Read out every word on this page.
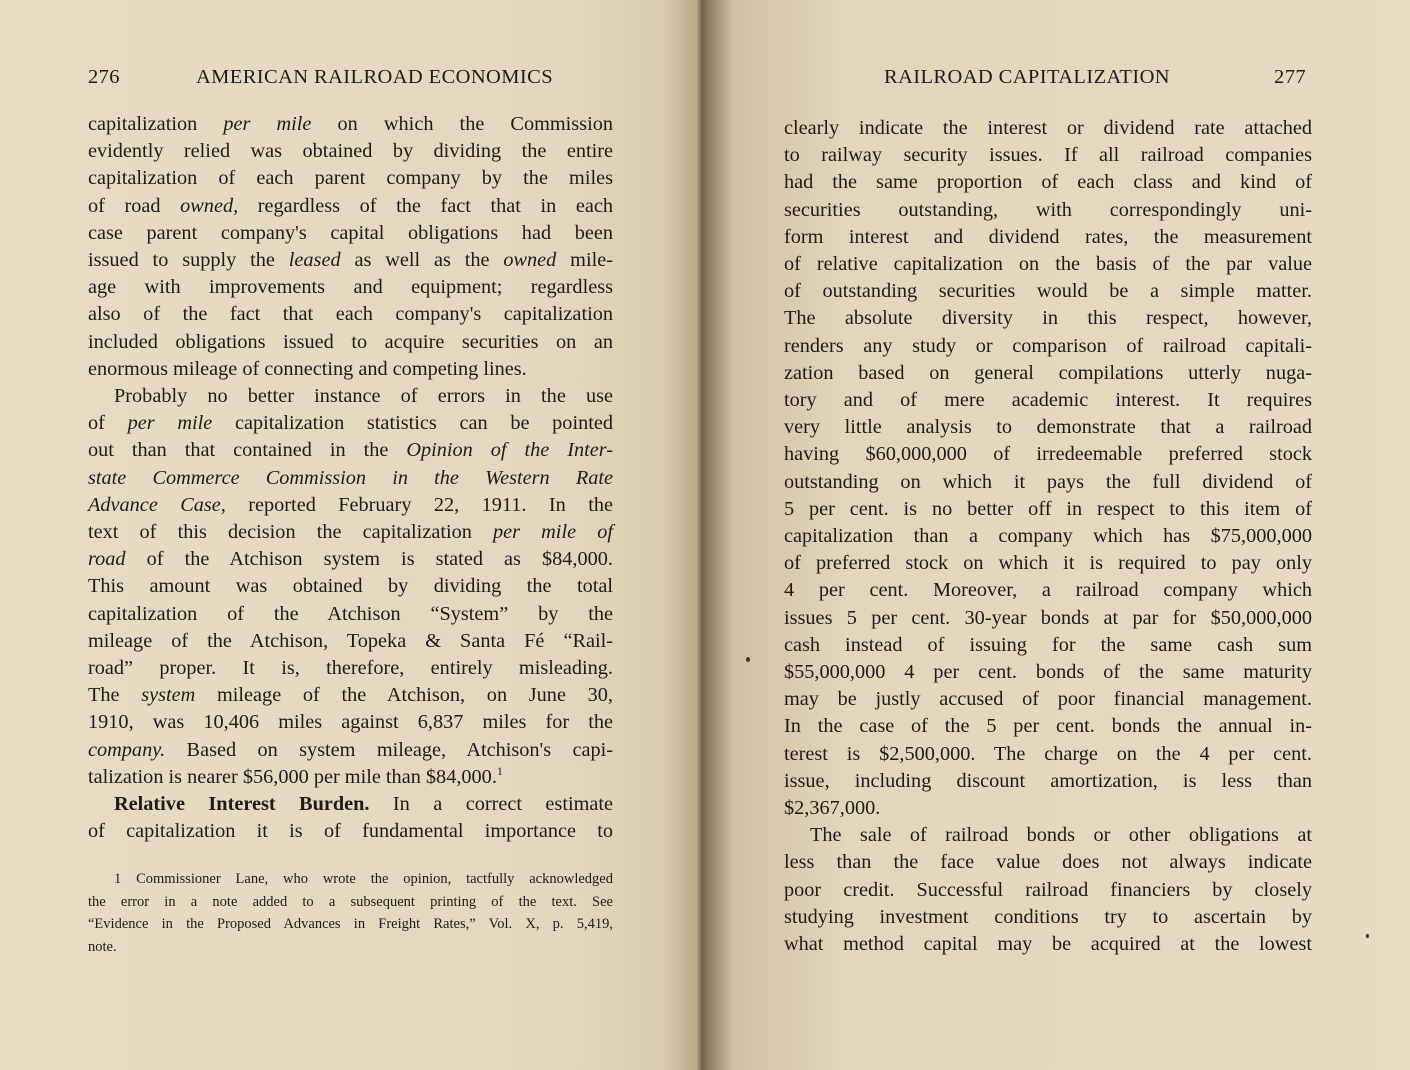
276	AMERICAN RAILROAD ECONOMICS

capitalization per mile on which the Commission
evidently relied was obtained by dividing the entire
capitalization of each parent company by the miles
of road owned, regardless of the fact that in each
case parent company's capital obligations had been
issued to supply the leased as well as the owned mile-
age with improvements and equipment; regardless
also of the fact that each company's capitalization
included obligations issued to acquire securities on an
enormous mileage of connecting and competing lines.

Probably no better instance of errors in the use
of per mile capitalization statistics can be pointed
out than that contained in the Opinion of the Inter-
state Commerce Commission in the Western Rate
Advance Case, reported February 22, 1911. In the
text of this decision the capitalization per mile of
road of the Atchison system is stated as $84,000.
This amount was obtained by dividing the total
capitalization of the Atchison “System” by the
mileage of the Atchison, Topeka & Santa Fé “Rail-
road” proper. It is, therefore, entirely misleading.
The system mileage of the Atchison, on June 30,
1910, was 10,406 miles against 6,837 miles for the
company. Based on system mileage, Atchison's capi-
talization is nearer $56,000 per mile than $84,000.$^1$

Relative Interest Burden. In a correct estimate
of capitalization it is of fundamental importance to

1 Commissioner Lane, who wrote the opinion, tactfully acknowledged
the error in a note added to a subsequent printing of the text. See
“Evidence in the Proposed Advances in Freight Rates,” Vol. X, p. 5,419,
note.
RAILROAD CAPITALIZATION	277

clearly indicate the interest or dividend rate attached
to railway security issues. If all railroad companies
had the same proportion of each class and kind of
securities outstanding, with correspondingly uni-
form interest and dividend rates, the measurement
of relative capitalization on the basis of the par value
of outstanding securities would be a simple matter.
The absolute diversity in this respect, however,
renders any study or comparison of railroad capitali-
zation based on general compilations utterly nuga-
tory and of mere academic interest. It requires
very little analysis to demonstrate that a railroad
having $60,000,000 of irredeemable preferred stock
outstanding on which it pays the full dividend of
5 per cent. is no better off in respect to this item of
capitalization than a company which has $75,000,000
of preferred stock on which it is required to pay only
4 per cent. Moreover, a railroad company which
issues 5 per cent. 30-year bonds at par for $50,000,000
cash instead of issuing for the same cash sum
$55,000,000 4 per cent. bonds of the same maturity
may be justly accused of poor financial management.
In the case of the 5 per cent. bonds the annual in-
terest is $2,500,000. The charge on the 4 per cent.
issue, including discount amortization, is less than
$2,367,000.

The sale of railroad bonds or other obligations at
less than the face value does not always indicate
poor credit. Successful railroad financiers by closely
studying investment conditions try to ascertain by
what method capital may be acquired at the lowest
